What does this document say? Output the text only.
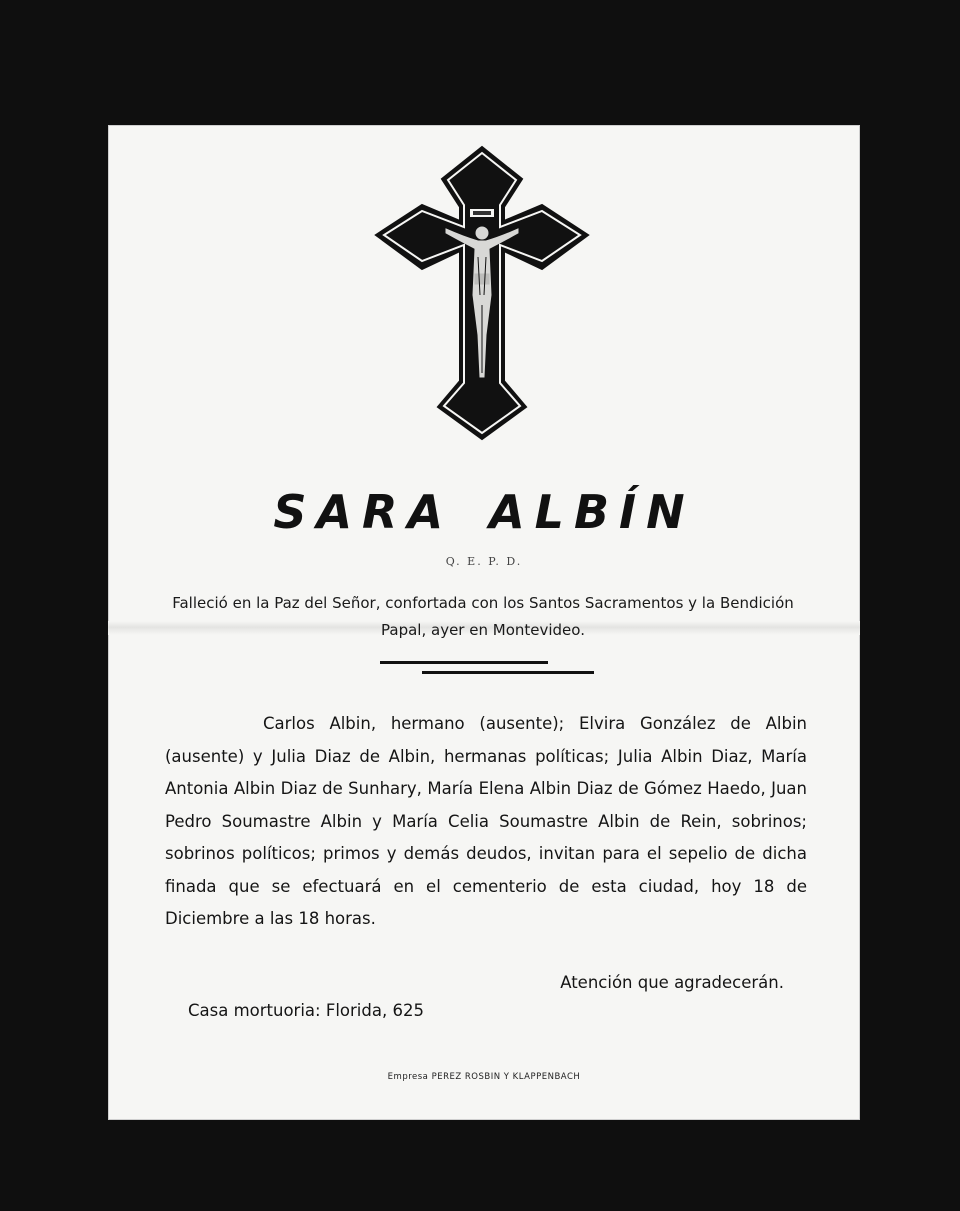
SARA ALBÍN
Q. E. P. D.
Falleció en la Paz del Señor, confortada con los Santos Sacramentos y la Bendición Papal, ayer en Montevideo.
Carlos Albin, hermano (ausente); Elvira González de Albin (ausente) y Julia Diaz de Albin, hermanas políticas; Julia Albin Diaz, María Antonia Albin Diaz de Sunhary, María Elena Albin Diaz de Gómez Haedo, Juan Pedro Soumastre Albin y María Celia Soumastre Albin de Rein, sobrinos; sobrinos políticos; primos y demás deudos, invitan para el sepelio de dicha finada que se efectuará en el cementerio de esta ciudad, hoy 18 de Diciembre a las 18 horas.
Atención que agradecerán.
Casa mortuoria: Florida, 625
Empresa PEREZ ROSBIN Y KLAPPENBACH
